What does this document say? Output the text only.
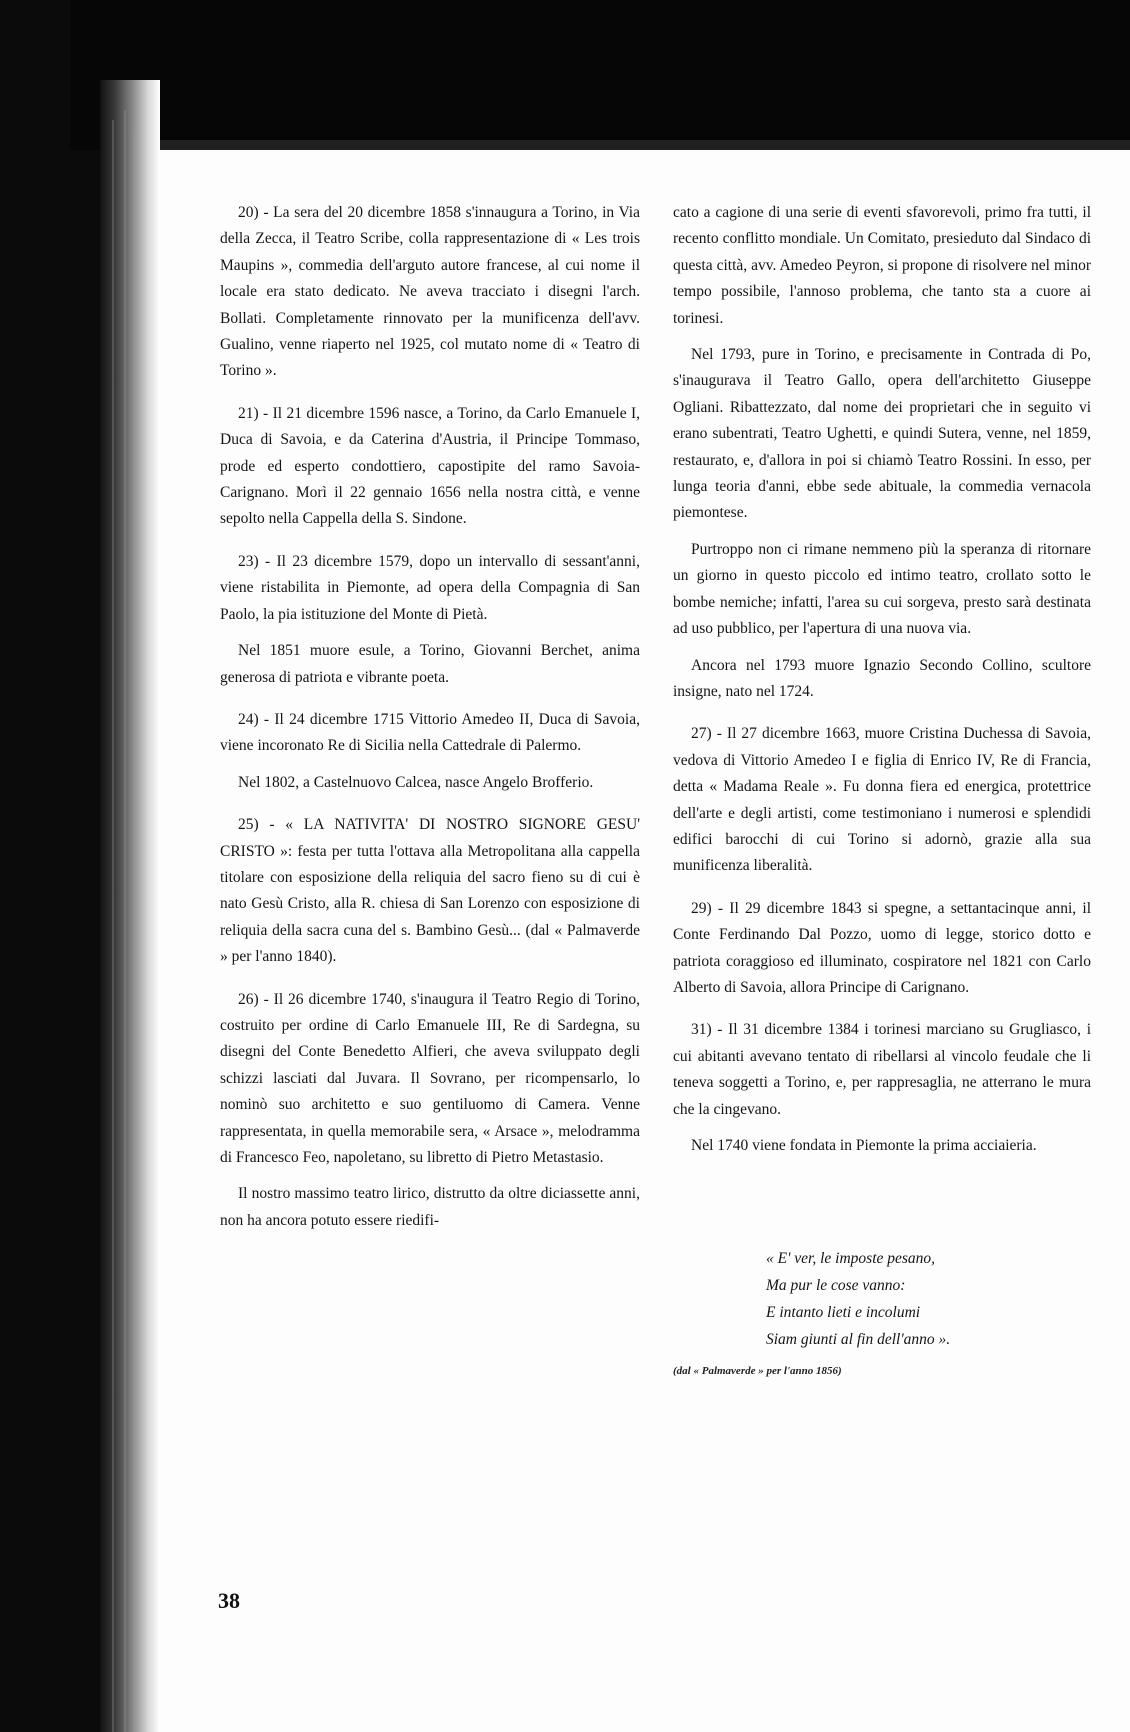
20) - La sera del 20 dicembre 1858 s'innaugura a Torino, in Via della Zecca, il Teatro Scribe, colla rappresentazione di « Les trois Maupins », commedia dell'arguto autore francese, al cui nome il locale era stato dedicato. Ne aveva tracciato i disegni l'arch. Bollati. Completamente rinnovato per la munificenza dell'avv. Gualino, venne riaperto nel 1925, col mutato nome di « Teatro di Torino ».

21) - Il 21 dicembre 1596 nasce, a Torino, da Carlo Emanuele I, Duca di Savoia, e da Caterina d'Austria, il Principe Tommaso, prode ed esperto condottiero, capostipite del ramo Savoia-Carignano. Morì il 22 gennaio 1656 nella nostra città, e venne sepolto nella Cappella della S. Sindone.

23) - Il 23 dicembre 1579, dopo un intervallo di sessant'anni, viene ristabilita in Piemonte, ad opera della Compagnia di San Paolo, la pia istituzione del Monte di Pietà.

Nel 1851 muore esule, a Torino, Giovanni Berchet, anima generosa di patriota e vibrante poeta.

24) - Il 24 dicembre 1715 Vittorio Amedeo II, Duca di Savoia, viene incoronato Re di Sicilia nella Cattedrale di Palermo.

Nel 1802, a Castelnuovo Calcea, nasce Angelo Brofferio.

25) - « LA NATIVITA' DI NOSTRO SIGNORE GESU' CRISTO »: festa per tutta l'ottava alla Metropolitana alla cappella titolare con esposizione della reliquia del sacro fieno su di cui è nato Gesù Cristo, alla R. chiesa di San Lorenzo con esposizione di reliquia della sacra cuna del s. Bambino Gesù... (dal « Palmaverde » per l'anno 1840).

26) - Il 26 dicembre 1740, s'inaugura il Teatro Regio di Torino, costruito per ordine di Carlo Emanuele III, Re di Sardegna, su disegni del Conte Benedetto Alfieri, che aveva sviluppato degli schizzi lasciati dal Juvara. Il Sovrano, per ricompensarlo, lo nominò suo architetto e suo gentiluomo di Camera. Venne rappresentata, in quella memorabile sera, « Arsace », melodramma di Francesco Feo, napoletano, su libretto di Pietro Metastasio.

Il nostro massimo teatro lirico, distrutto da oltre diciassette anni, non ha ancora potuto essere riedifi-

cato a cagione di una serie di eventi sfavorevoli, primo fra tutti, il recento conflitto mondiale. Un Comitato, presieduto dal Sindaco di questa città, avv. Amedeo Peyron, si propone di risolvere nel minor tempo possibile, l'annoso problema, che tanto sta a cuore ai torinesi.

Nel 1793, pure in Torino, e precisamente in Contrada di Po, s'inaugurava il Teatro Gallo, opera dell'architetto Giuseppe Ogliani. Ribattezzato, dal nome dei proprietari che in seguito vi erano subentrati, Teatro Ughetti, e quindi Sutera, venne, nel 1859, restaurato, e, d'allora in poi si chiamò Teatro Rossini. In esso, per lunga teoria d'anni, ebbe sede abituale, la commedia vernacola piemontese.

Purtroppo non ci rimane nemmeno più la speranza di ritornare un giorno in questo piccolo ed intimo teatro, crollato sotto le bombe nemiche; infatti, l'area su cui sorgeva, presto sarà destinata ad uso pubblico, per l'apertura di una nuova via.

Ancora nel 1793 muore Ignazio Secondo Collino, scultore insigne, nato nel 1724.

27) - Il 27 dicembre 1663, muore Cristina Duchessa di Savoia, vedova di Vittorio Amedeo I e figlia di Enrico IV, Re di Francia, detta « Madama Reale ». Fu donna fiera ed energica, protettrice dell'arte e degli artisti, come testimoniano i numerosi e splendidi edifici barocchi di cui Torino si adornò, grazie alla sua munificenza liberalità.

29) - Il 29 dicembre 1843 si spegne, a settantacinque anni, il Conte Ferdinando Dal Pozzo, uomo di legge, storico dotto e patriota coraggioso ed illuminato, cospiratore nel 1821 con Carlo Alberto di Savoia, allora Principe di Carignano.

31) - Il 31 dicembre 1384 i torinesi marciano su Grugliasco, i cui abitanti avevano tentato di ribellarsi al vincolo feudale che li teneva soggetti a Torino, e, per rappresaglia, ne atterrano le mura che la cingevano.

Nel 1740 viene fondata in Piemonte la prima acciaieria.

« E' ver, le imposte pesano,
Ma pur le cose vanno:
E intanto lieti e incolumi
Siam giunti al fin dell'anno ».
(dal « Palmaverde » per l'anno 1856)
38
